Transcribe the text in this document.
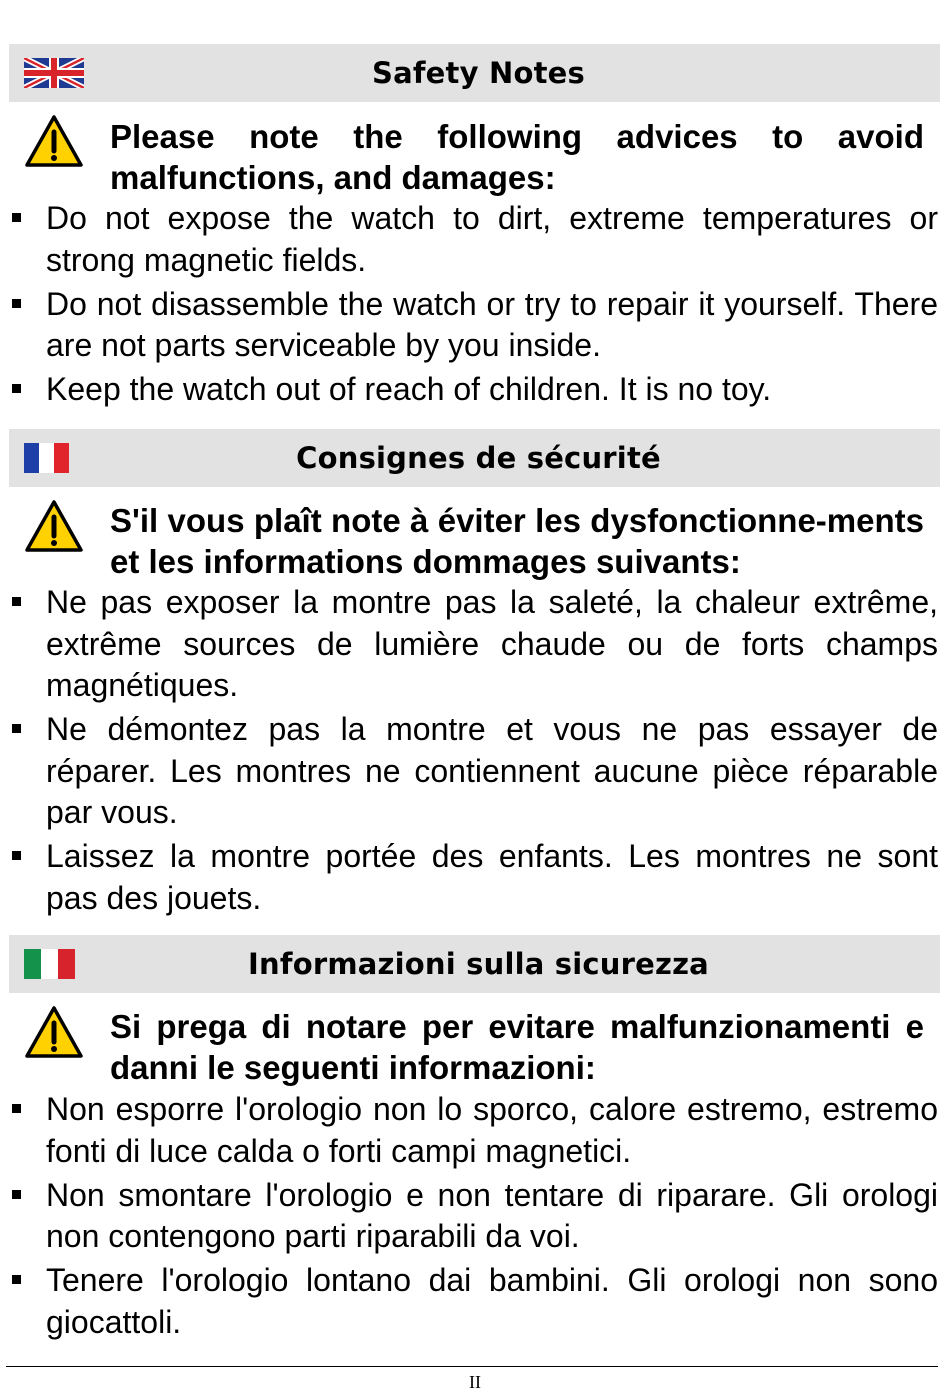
Safety Notes

Please note the following advices to avoid malfunctions, and damages:

Do not expose the watch to dirt, extreme temperatures or strong magnetic fields.
Do not disassemble the watch or try to repair it yourself. There are not parts serviceable by you inside.
Keep the watch out of reach of children. It is no toy.
Consignes de sécurité

S'il vous plaît note à éviter les dysfonctionne-ments et les informations dommages suivants:

Ne pas exposer la montre pas la saleté, la chaleur extrême, extrême sources de lumière chaude ou de forts champs magnétiques.
Ne démontez pas la montre et vous ne pas essayer de réparer. Les montres ne contiennent aucune pièce réparable par vous.
Laissez la montre portée des enfants. Les montres ne sont pas des jouets.
Informazioni sulla sicurezza

Si prega di notare per evitare malfunzionamenti e danni le seguenti informazioni:

Non esporre l'orologio non lo sporco, calore estremo, estremo fonti di luce calda o forti campi magnetici.
Non smontare l'orologio e non tentare di riparare. Gli orologi non contengono parti riparabili da voi.
Tenere l'orologio lontano dai bambini. Gli orologi non sono giocattoli.
II
